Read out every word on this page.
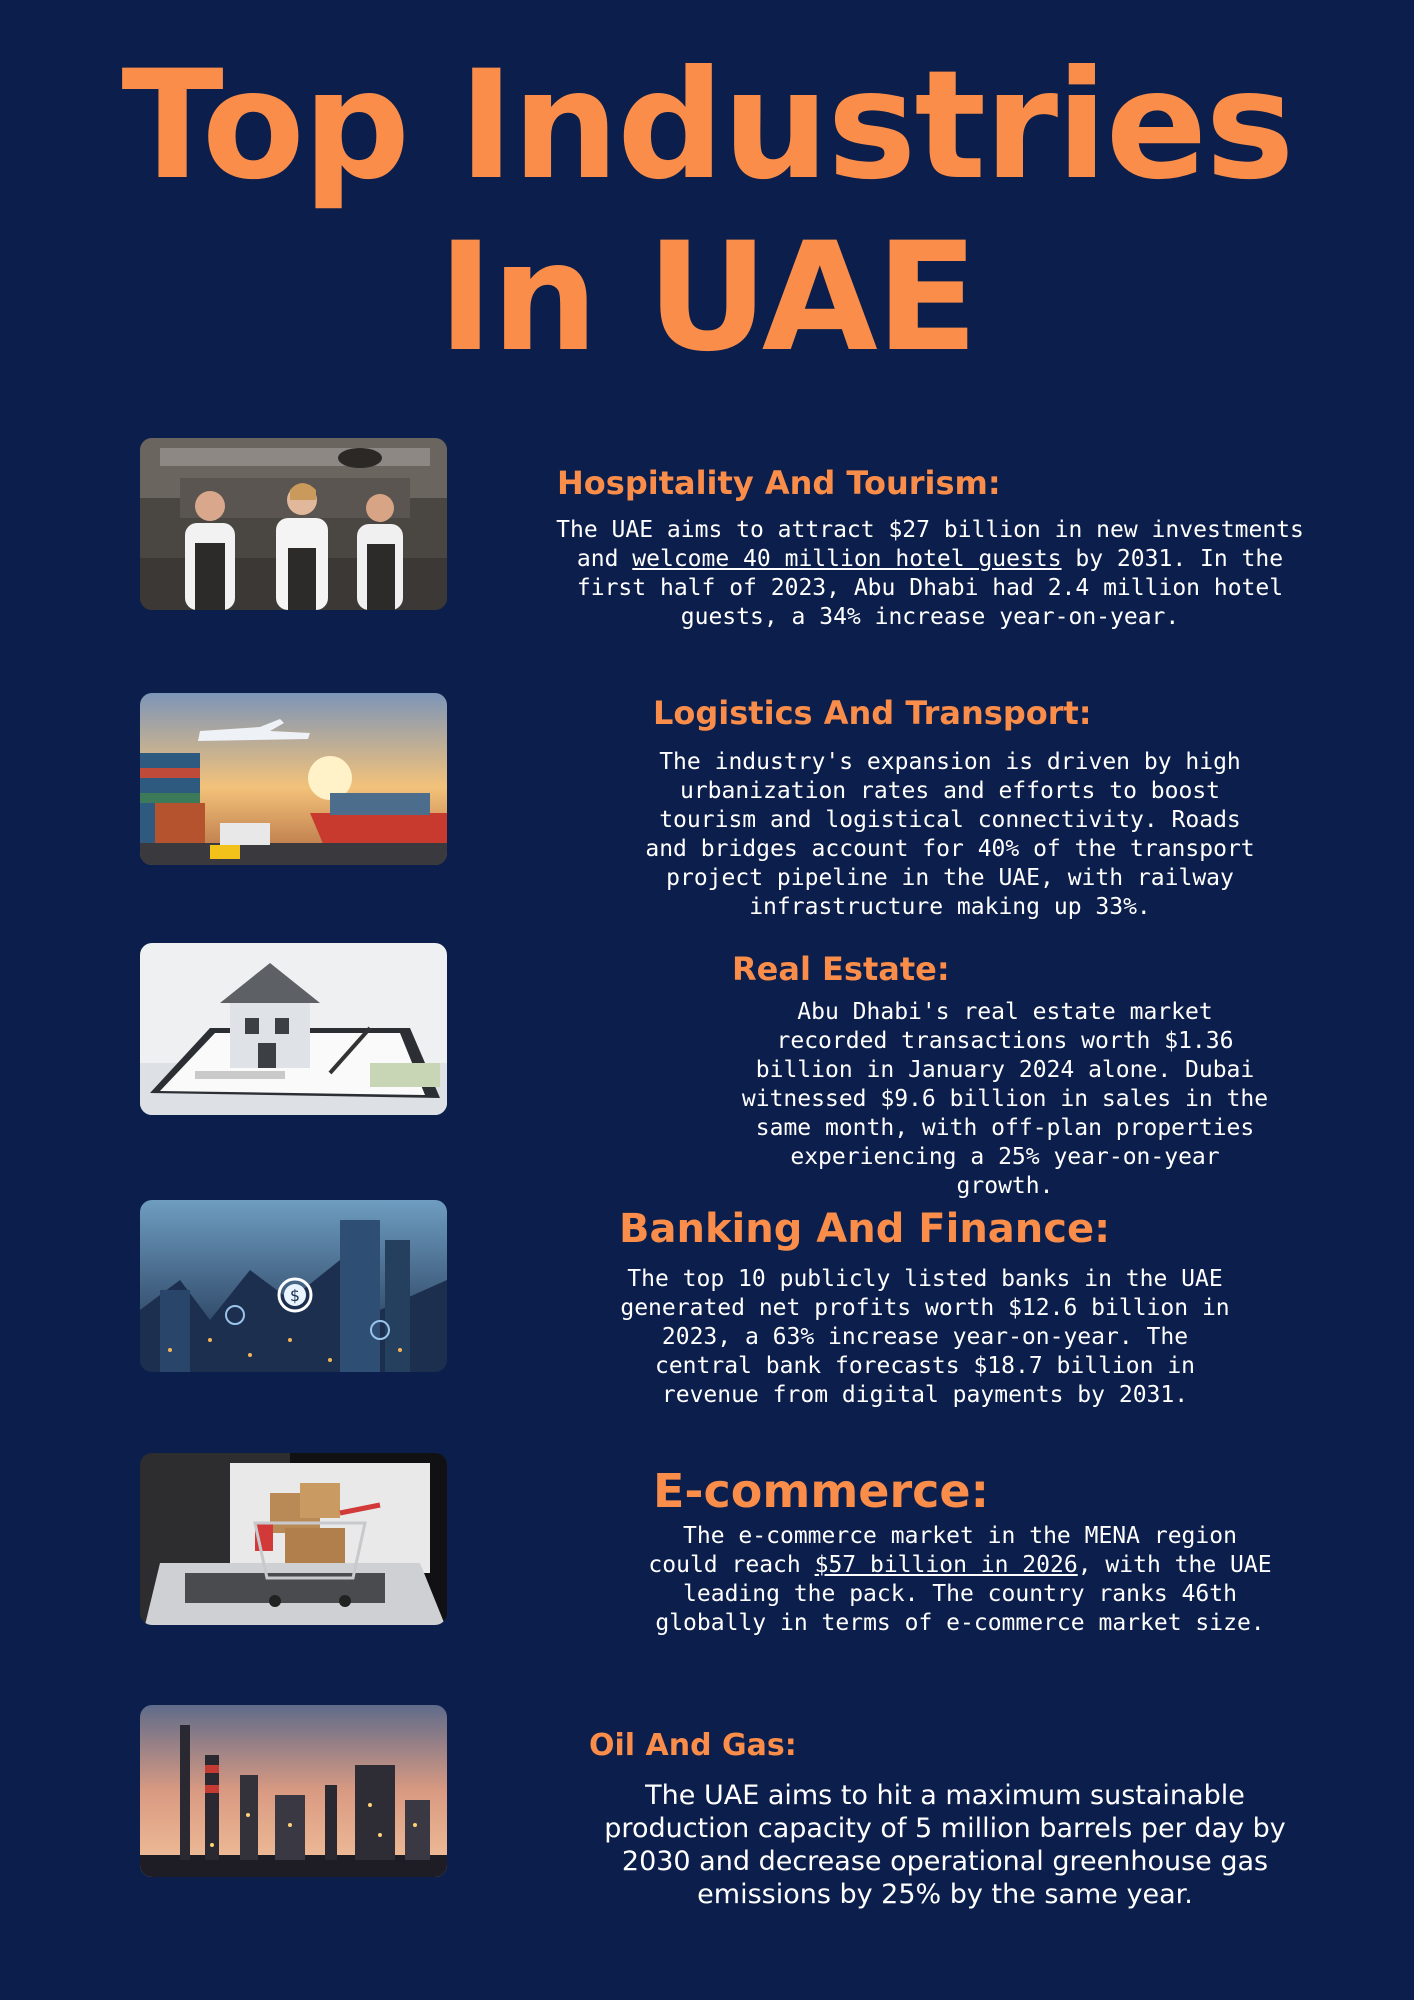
Top Industries
In UAE
Hospitality And Tourism:

The UAE aims to attract $27 billion in new investments and welcome 40 million hotel guests by 2031. In the first half of 2023, Abu Dhabi had 2.4 million hotel guests, a 34% increase year-on-year.

Logistics And Transport:

The industry's expansion is driven by high urbanization rates and efforts to boost tourism and logistical connectivity. Roads and bridges account for 40% of the transport project pipeline in the UAE, with railway infrastructure making up 33%.

Real Estate:

Abu Dhabi's real estate market recorded transactions worth $1.36 billion in January 2024 alone. Dubai witnessed $9.6 billion in sales in the same month, with off-plan properties experiencing a 25% year-on-year growth.

$
Banking And Finance:

The top 10 publicly listed banks in the UAE generated net profits worth $12.6 billion in 2023, a 63% increase year-on-year. The central bank forecasts $18.7 billion in revenue from digital payments by 2031.

E-commerce:

The e-commerce market in the MENA region could reach $57 billion in 2026, with the UAE leading the pack. The country ranks 46th globally in terms of e-commerce market size.

Oil And Gas:

The UAE aims to hit a maximum sustainable production capacity of 5 million barrels per day by 2030 and decrease operational greenhouse gas emissions by 25% by the same year.
